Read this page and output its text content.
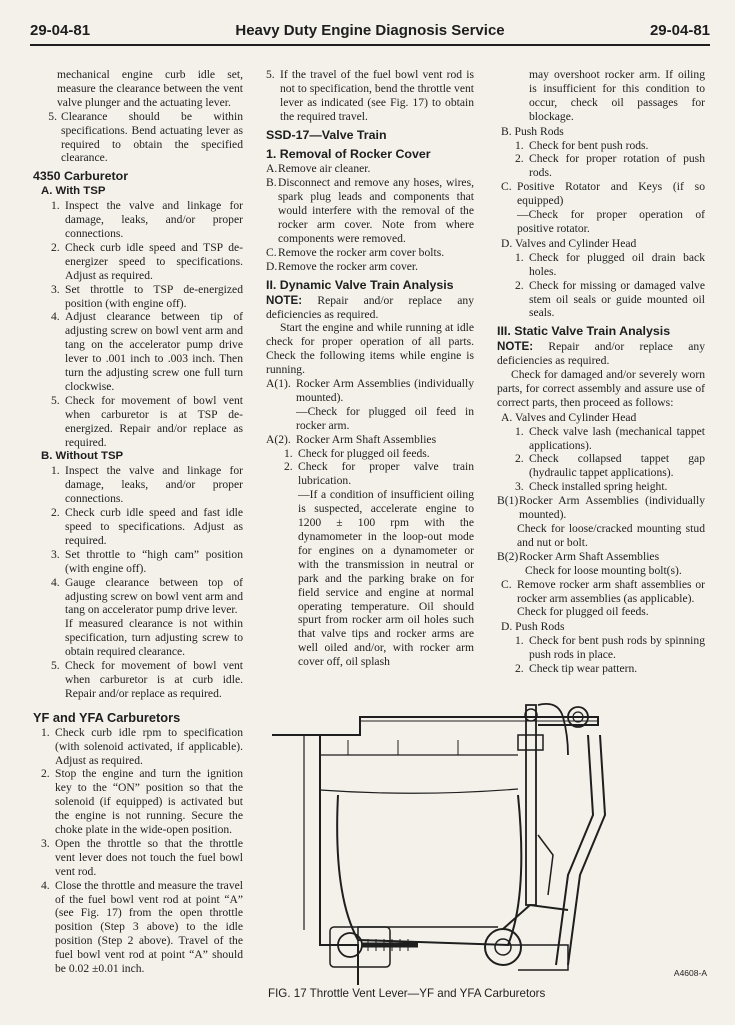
29-04-81	Heavy Duty Engine Diagnosis Service	29-04-81

mechanical engine curb idle set, measure the clearance between the vent valve plunger and the actuating lever.

5. Clearance should be within specifications. Bend actuating lever as required to obtain the specified clearance.
4350 Carburetor
A. With TSP
1. Inspect the valve and linkage for damage, leaks, and/or proper connections.
2. Check curb idle speed and TSP de-energizer speed to specifications. Adjust as required.
3. Set throttle to TSP de-energized position (with engine off).
4. Adjust clearance between tip of adjusting screw on bowl vent arm and tang on the accelerator pump drive lever to .001 inch to .003 inch. Then turn the adjusting screw one full turn clockwise.
5. Check for movement of bowl vent when carburetor is at TSP de-energized. Repair and/or replace as required.
B. Without TSP
1. Inspect the valve and linkage for damage, leaks, and/or proper connections.
2. Check curb idle speed and fast idle speed to specifications. Adjust as required.
3. Set throttle to “high cam” position (with engine off).
4. Gauge clearance between top of adjusting screw on bowl vent arm and tang on accelerator pump drive lever.

If measured clearance is not within specification, turn adjusting screw to obtain required clearance.

5. Check for movement of bowl vent when carburetor is at curb idle. Repair and/or replace as required.
YF and YFA Carburetors
1. Check curb idle rpm to specification (with solenoid activated, if applicable). Adjust as required.
2. Stop the engine and turn the ignition key to the “ON” position so that the solenoid (if equipped) is activated but the engine is not running. Secure the choke plate in the wide-open position.
3. Open the throttle so that the throttle vent lever does not touch the fuel bowl vent rod.
4. Close the throttle and measure the travel of the fuel bowl vent rod at point “A” (see Fig. 17) from the open throttle position (Step 3 above) to the idle position (Step 2 above). Travel of the fuel bowl vent rod at point “A” should be 0.02 ±0.01 inch.
5. If the travel of the fuel bowl vent rod is not to specification, bend the throttle vent lever as indicated (see Fig. 17) to obtain the required travel.
SSD-17—Valve Train
1. Removal of Rocker Cover
A. Remove air cleaner.
B. Disconnect and remove any hoses, wires, spark plug leads and components that would interfere with the removal of the rocker arm cover. Note from where components were removed.
C. Remove the rocker arm cover bolts.
D. Remove the rocker arm cover.
II. Dynamic Valve Train Analysis

NOTE: Repair and/or replace any deficiencies as required.

Start the engine and while running at idle check for proper operation of all parts. Check the following items while engine is running.

A(1). Rocker Arm Assemblies (individually mounted).

—Check for plugged oil feed in rocker arm.

A(2). Rocker Arm Shaft Assemblies
1. Check for plugged oil feeds.
2. Check for proper valve train lubrication.

—If a condition of insufficient oiling is suspected, accelerate engine to 1200 ± 100 rpm with the dynamometer in the loop-out mode for engines on a dynamometer or with the transmission in neutral or park and the parking brake on for field service and engine at normal operating temperature. Oil should spurt from rocker arm oil holes such that valve tips and rocker arms are well oiled and/or, with rocker arm cover off, oil splash

may overshoot rocker arm. If oiling is insufficient for this condition to occur, check oil passages for blockage.

B. Push Rods
1. Check for bent push rods.
2. Check for proper rotation of push rods.
C. Positive Rotator and Keys (if so equipped)

—Check for proper operation of positive rotator.

D. Valves and Cylinder Head
1. Check for plugged oil drain back holes.
2. Check for missing or damaged valve stem oil seals or guide mounted oil seals.
III. Static Valve Train Analysis

NOTE: Repair and/or replace any deficiencies as required.

Check for damaged and/or severely worn parts, for correct assembly and assure use of correct parts, then proceed as follows:

A. Valves and Cylinder Head
1. Check valve lash (mechanical tappet applications).
2. Check collapsed tappet gap (hydraulic tappet applications).
3. Check installed spring height.
B(1) Rocker Arm Assemblies (individually mounted).

Check for loose/cracked mounting stud and nut or bolt.

B(2) Rocker Arm Shaft Assemblies

Check for loose mounting bolt(s).

C. Remove rocker arm shaft assemblies or rocker arm assemblies (as applicable).

Check for plugged oil feeds.

D. Push Rods
1. Check for bent push rods by spinning push rods in place.
2. Check tip wear pattern.
A4608-A
FIG. 17 Throttle Vent Lever—YF and YFA Carburetors
